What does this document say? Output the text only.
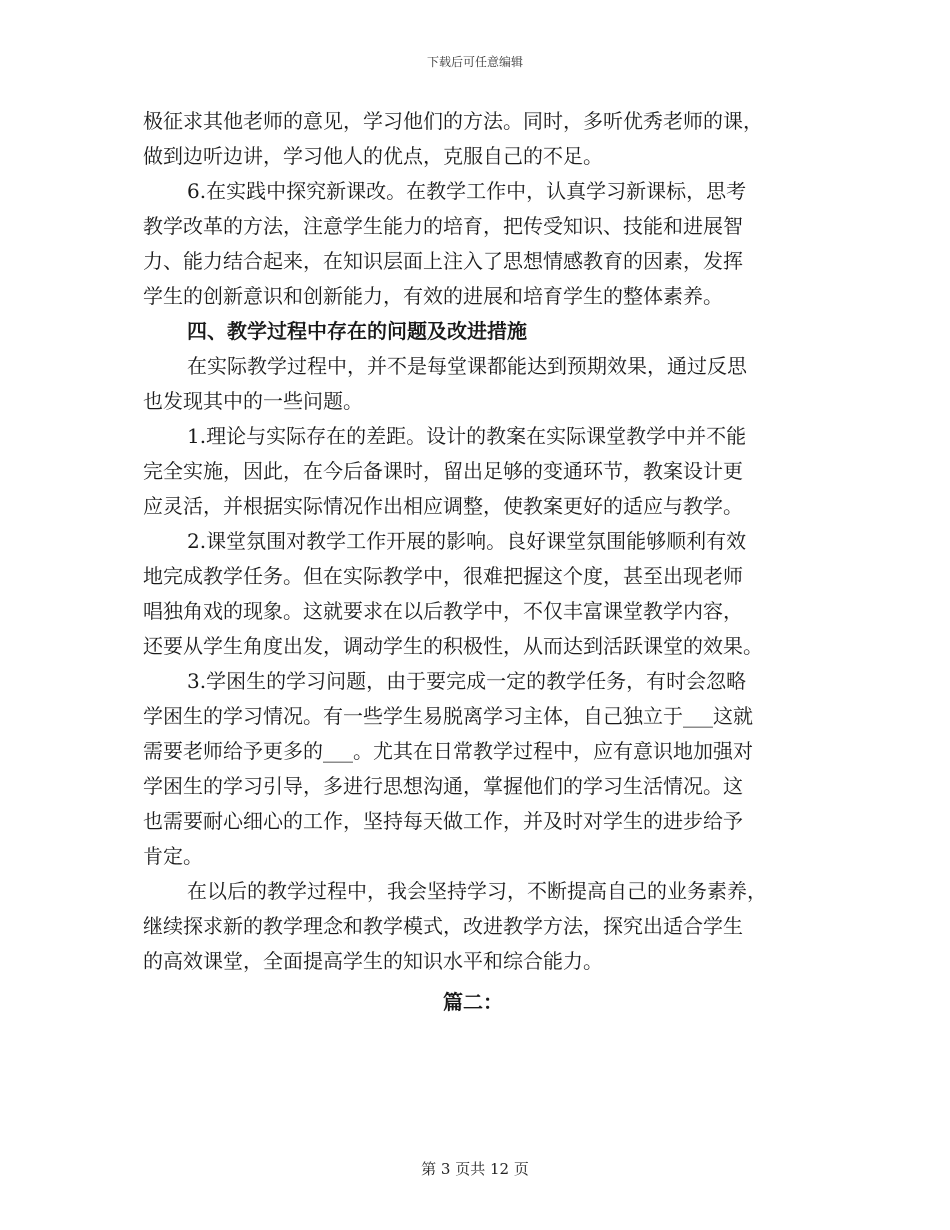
下载后可任意编辑
极征求其他老师的意见，学习他们的方法。同时，多听优秀老师的课，
做到边听边讲，学习他人的优点，克服自己的不足。
6.在实践中探究新课改。在教学工作中，认真学习新课标，思考
教学改革的方法，注意学生能力的培育，把传受知识、技能和进展智
力、能力结合起来，在知识层面上注入了思想情感教育的因素，发挥
学生的创新意识和创新能力，有效的进展和培育学生的整体素养。
四、教学过程中存在的问题及改进措施
在实际教学过程中，并不是每堂课都能达到预期效果，通过反思
也发现其中的一些问题。
1.理论与实际存在的差距。设计的教案在实际课堂教学中并不能
完全实施，因此，在今后备课时，留出足够的变通环节，教案设计更
应灵活，并根据实际情况作出相应调整，使教案更好的适应与教学。
2.课堂氛围对教学工作开展的影响。良好课堂氛围能够顺利有效
地完成教学任务。但在实际教学中，很难把握这个度，甚至出现老师
唱独角戏的现象。这就要求在以后教学中，不仅丰富课堂教学内容，
还要从学生角度出发，调动学生的积极性，从而达到活跃课堂的效果。
3.学困生的学习问题，由于要完成一定的教学任务，有时会忽略
学困生的学习情况。有一些学生易脱离学习主体，自己独立于___这就
需要老师给予更多的___。尤其在日常教学过程中，应有意识地加强对
学困生的学习引导，多进行思想沟通，掌握他们的学习生活情况。这
也需要耐心细心的工作，坚持每天做工作，并及时对学生的进步给予
肯定。
在以后的教学过程中，我会坚持学习，不断提高自己的业务素养，
继续探求新的教学理念和教学模式，改进教学方法，探究出适合学生
的高效课堂，全面提高学生的知识水平和综合能力。
篇二：
第 3 页共 12 页
